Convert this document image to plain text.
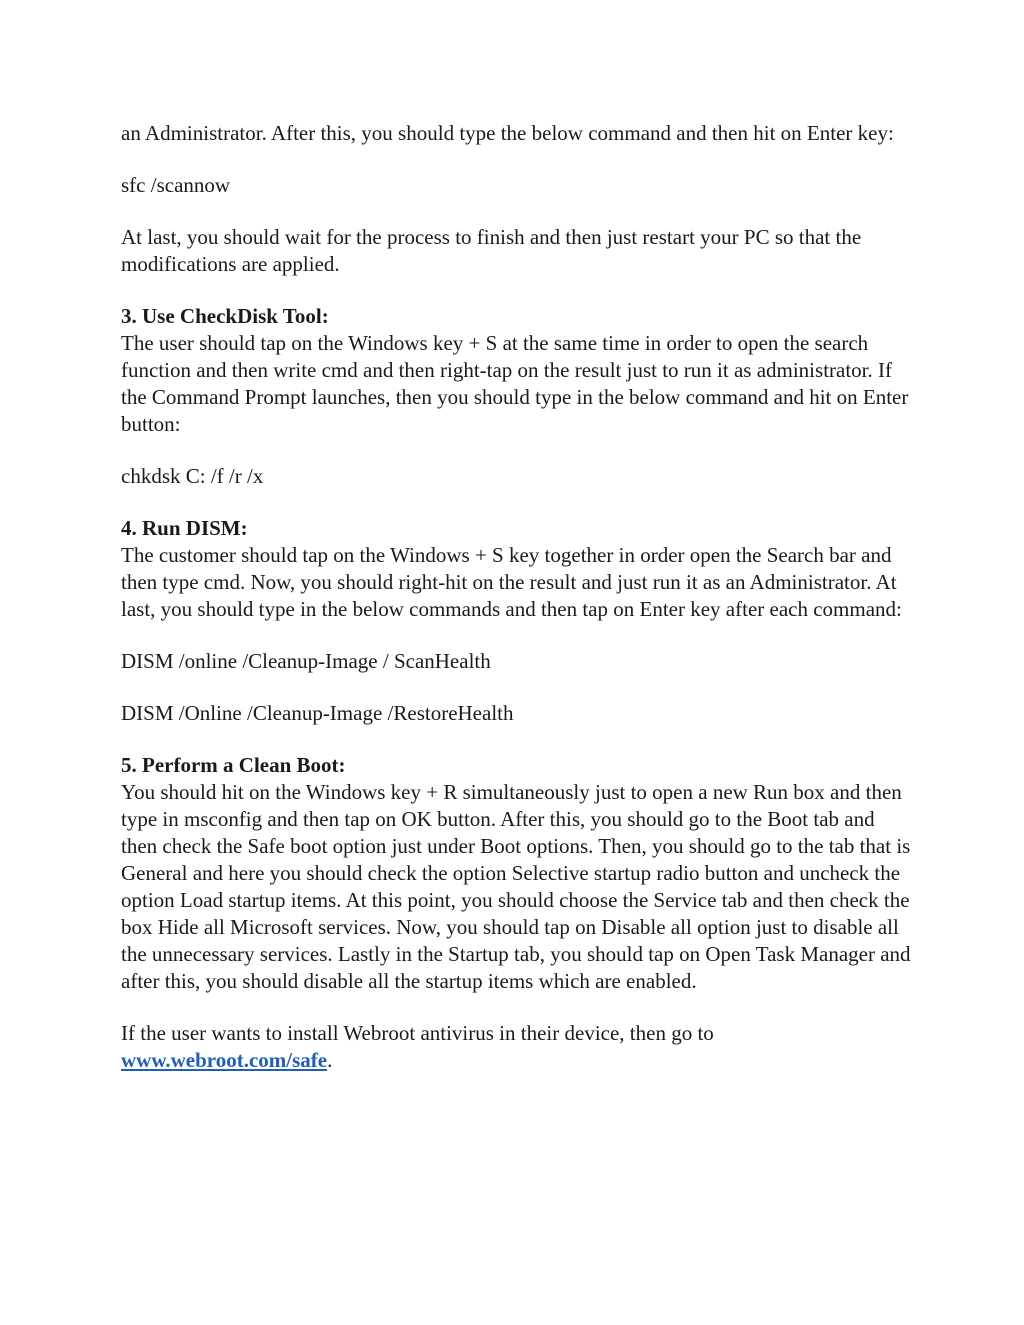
an Administrator. After this, you should type the below command and then hit on Enter key:

sfc /scannow

At last, you should wait for the process to finish and then just restart your PC so that the modifications are applied.

3. Use CheckDisk Tool:
The user should tap on the Windows key + S at the same time in order to open the search function and then write cmd and then right-tap on the result just to run it as administrator. If the Command Prompt launches, then you should type in the below command and hit on Enter button:

chkdsk C: /f /r /x

4. Run DISM:
The customer should tap on the Windows + S key together in order open the Search bar and then type cmd. Now, you should right-hit on the result and just run it as an Administrator. At last, you should type in the below commands and then tap on Enter key after each command:

DISM /online /Cleanup-Image / ScanHealth

DISM /Online /Cleanup-Image /RestoreHealth

5. Perform a Clean Boot:
You should hit on the Windows key + R simultaneously just to open a new Run box and then type in msconfig and then tap on OK button. After this, you should go to the Boot tab and then check the Safe boot option just under Boot options. Then, you should go to the tab that is General and here you should check the option Selective startup radio button and uncheck the option Load startup items. At this point, you should choose the Service tab and then check the box Hide all Microsoft services. Now, you should tap on Disable all option just to disable all the unnecessary services. Lastly in the Startup tab, you should tap on Open Task Manager and after this, you should disable all the startup items which are enabled.

If the user wants to install Webroot antivirus in their device, then go to www.webroot.com/safe.
